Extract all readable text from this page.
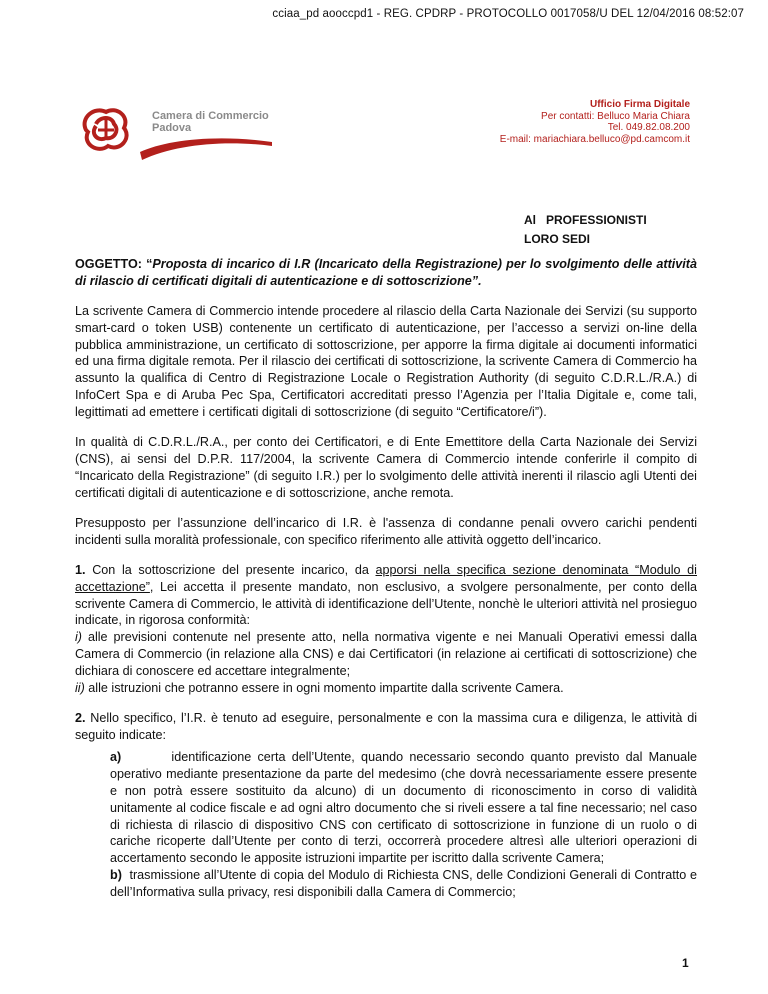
cciaa_pd aoocсpd1 - REG. CPDRP - PROTOCOLLO 0017058/U DEL 12/04/2016 08:52:07
Camera di Commercio
Padova
Ufficio Firma Digitale
Per contatti: Belluco Maria Chiara
Tel. 049.82.08.200
E-mail: mariachiara.belluco@pd.camcom.it
Al   PROFESSIONISTI
LORO SEDI

OGGETTO: “Proposta di incarico di I.R (Incaricato della Registrazione) per lo svolgimento delle attività di rilascio di certificati digitali di autenticazione e di sottoscrizione”.

La scrivente Camera di Commercio intende procedere al rilascio della Carta Nazionale dei Servizi (su supporto smart-card o token USB) contenente un certificato di autenticazione, per l’accesso a servizi on-line della pubblica amministrazione, un certificato di sottoscrizione, per apporre la firma digitale ai documenti informatici ed una firma digitale remota. Per il rilascio dei certificati di sottoscrizione, la scrivente Camera di Commercio ha assunto la qualifica di Centro di Registrazione Locale o Registration Authority (di seguito C.D.R.L./R.A.) di InfoCert Spa e di Aruba Pec Spa, Certificatori accreditati presso l’Agenzia per l’Italia Digitale e, come tali, legittimati ad emettere i certificati digitali di sottoscrizione (di seguito “Certificatore/i”).

In qualità di C.D.R.L./R.A., per conto dei Certificatori, e di Ente Emettitore della Carta Nazionale dei Servizi (CNS), ai sensi del D.P.R. 117/2004, la scrivente Camera di Commercio intende conferirle il compito di “Incaricato della Registrazione” (di seguito I.R.) per lo svolgimento delle attività inerenti il rilascio agli Utenti dei certificati digitali di autenticazione e di sottoscrizione, anche remota.

Presupposto per l’assunzione dell’incarico di I.R. è l'assenza di condanne penali ovvero carichi pendenti incidenti sulla moralità professionale, con specifico riferimento alle attività oggetto dell’incarico.

1. Con la sottoscrizione del presente incarico, da apporsi nella specifica sezione denominata “Modulo di accettazione”, Lei accetta il presente mandato, non esclusivo, a svolgere personalmente, per conto della scrivente Camera di Commercio, le attività di identificazione dell’Utente, nonchè le ulteriori attività nel prosieguo indicate, in rigorosa conformità:
i) alle previsioni contenute nel presente atto, nella normativa vigente e nei Manuali Operativi emessi dalla Camera di Commercio (in relazione alla CNS) e dai Certificatori (in relazione ai certificati di sottoscrizione) che dichiara di conoscere ed accettare integralmente;
ii) alle istruzioni che potranno essere in ogni momento impartite dalla scrivente Camera.

2. Nello specifico, l’I.R. è tenuto ad eseguire, personalmente e con la massima cura e diligenza, le attività di seguito indicate:

a)        identificazione certa dell’Utente, quando necessario secondo quanto previsto dal Manuale operativo mediante presentazione da parte del medesimo (che dovrà necessariamente essere presente e non potrà essere sostituito da alcuno) di un documento di riconoscimento in corso di validità unitamente al codice fiscale e ad ogni altro documento che si riveli essere a tal fine necessario; nel caso di richiesta di rilascio di dispositivo CNS con certificato di sottoscrizione in funzione di un ruolo o di cariche ricoperte dall’Utente per conto di terzi, occorrerà procedere altresì alle ulteriori operazioni di accertamento secondo le apposite istruzioni impartite per iscritto dalla scrivente Camera;

b)  trasmissione all’Utente di copia del Modulo di Richiesta CNS, delle Condizioni Generali di Contratto e dell’Informativa sulla privacy, resi disponibili dalla Camera di Commercio;

1
